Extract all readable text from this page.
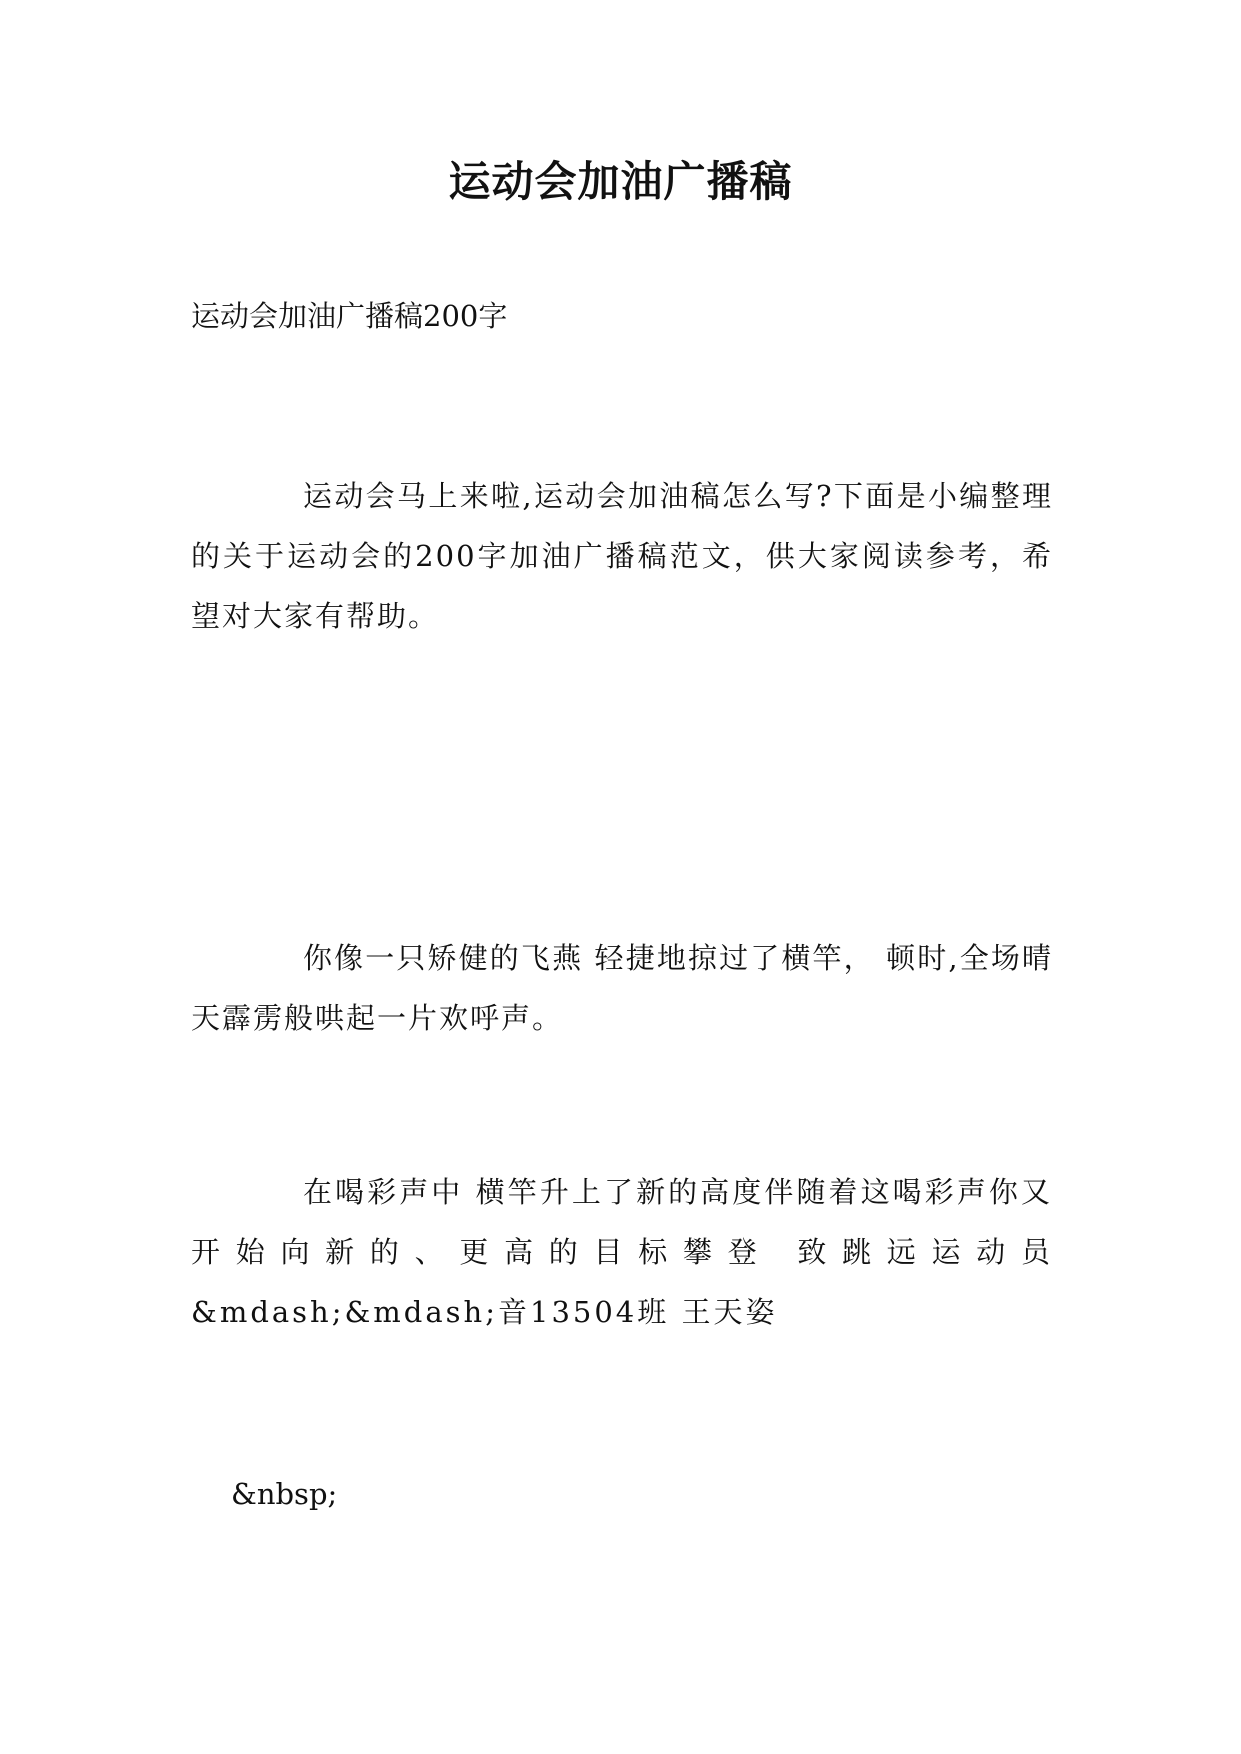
运动会加油广播稿

运动会加油广播稿200字

运动会马上来啦,运动会加油稿怎么写?下面是小编整理的关于运动会的200字加油广播稿范文，供大家阅读参考，希望对大家有帮助。

你像一只矫健的飞燕 轻捷地掠过了横竿， 顿时,全场晴天霹雳般哄起一片欢呼声。

在喝彩声中 横竿升上了新的高度伴随着这喝彩声你又开始向新的、更高的目标攀登 致跳远运动员&mdash;&mdash;音13504班 王天姿

&nbsp;
